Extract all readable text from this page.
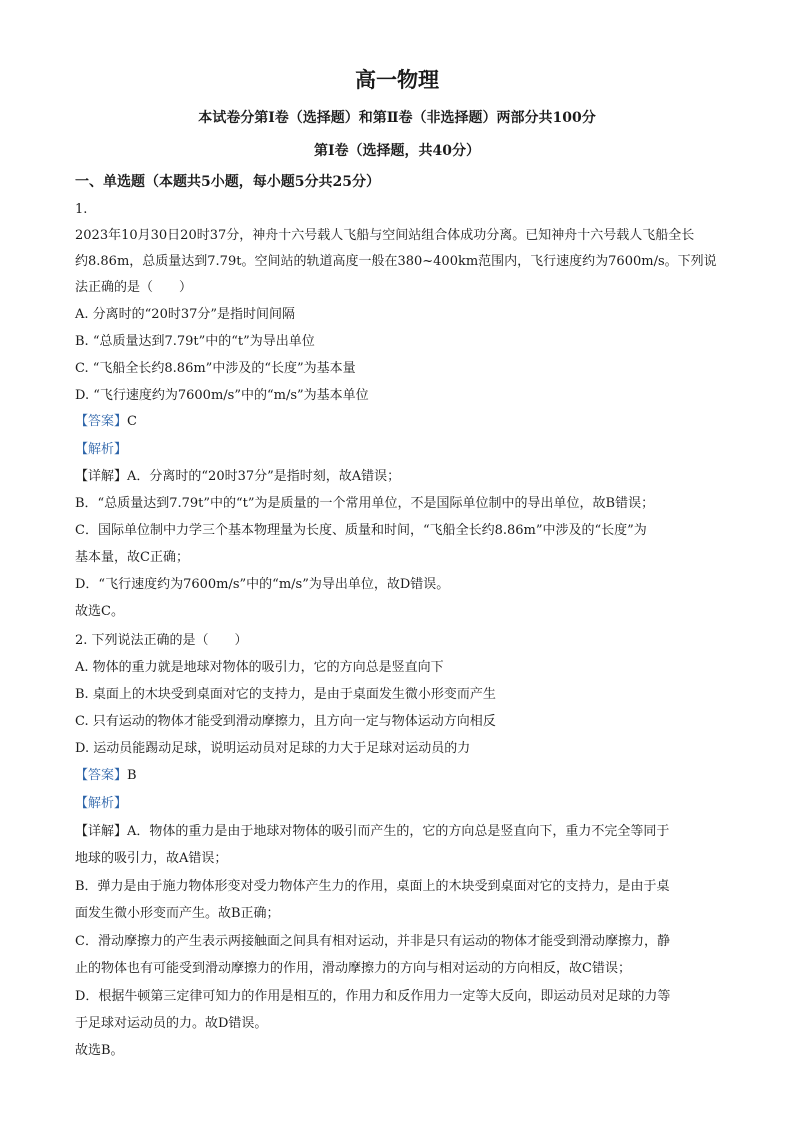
高一物理
本试卷分第Ⅰ卷（选择题）和第Ⅱ卷（非选择题）两部分共100分
第Ⅰ卷（选择题，共40分）
一、单选题（本题共5小题，每小题5分共25分）
1.
2023年10月30日20时37分，神舟十六号载人飞船与空间站组合体成功分离。已知神舟十六号载人飞船全长
约8.86m，总质量达到7.79t。空间站的轨道高度一般在380~400km范围内，飞行速度约为7600m/s。下列说
法正确的是（　　）
A. 分离时的“20时37分”是指时间间隔
B. “总质量达到7.79t”中的“t”为导出单位
C. “飞船全长约8.86m”中涉及的“长度”为基本量
D. “飞行速度约为7600m/s”中的“m/s”为基本单位
【答案】C
【解析】
【详解】A．分离时的“20时37分”是指时刻，故A错误；
B．“总质量达到7.79t”中的“t”为是质量的一个常用单位，不是国际单位制中的导出单位，故B错误；
C．国际单位制中力学三个基本物理量为长度、质量和时间，“飞船全长约8.86m”中涉及的“长度”为
基本量，故C正确；
D．“飞行速度约为7600m/s”中的“m/s”为导出单位，故D错误。
故选C。
2. 下列说法正确的是（　　）
A. 物体的重力就是地球对物体的吸引力，它的方向总是竖直向下
B. 桌面上的木块受到桌面对它的支持力，是由于桌面发生微小形变而产生
C. 只有运动的物体才能受到滑动摩擦力，且方向一定与物体运动方向相反
D. 运动员能踢动足球，说明运动员对足球的力大于足球对运动员的力
【答案】B
【解析】
【详解】A．物体的重力是由于地球对物体的吸引而产生的，它的方向总是竖直向下，重力不完全等同于
地球的吸引力，故A错误；
B．弹力是由于施力物体形变对受力物体产生力的作用，桌面上的木块受到桌面对它的支持力，是由于桌
面发生微小形变而产生。故B正确；
C．滑动摩擦力的产生表示两接触面之间具有相对运动，并非是只有运动的物体才能受到滑动摩擦力，静
止的物体也有可能受到滑动摩擦力的作用，滑动摩擦力的方向与相对运动的方向相反，故C错误；
D．根据牛顿第三定律可知力的作用是相互的，作用力和反作用力一定等大反向，即运动员对足球的力等
于足球对运动员的力。故D错误。
故选B。
